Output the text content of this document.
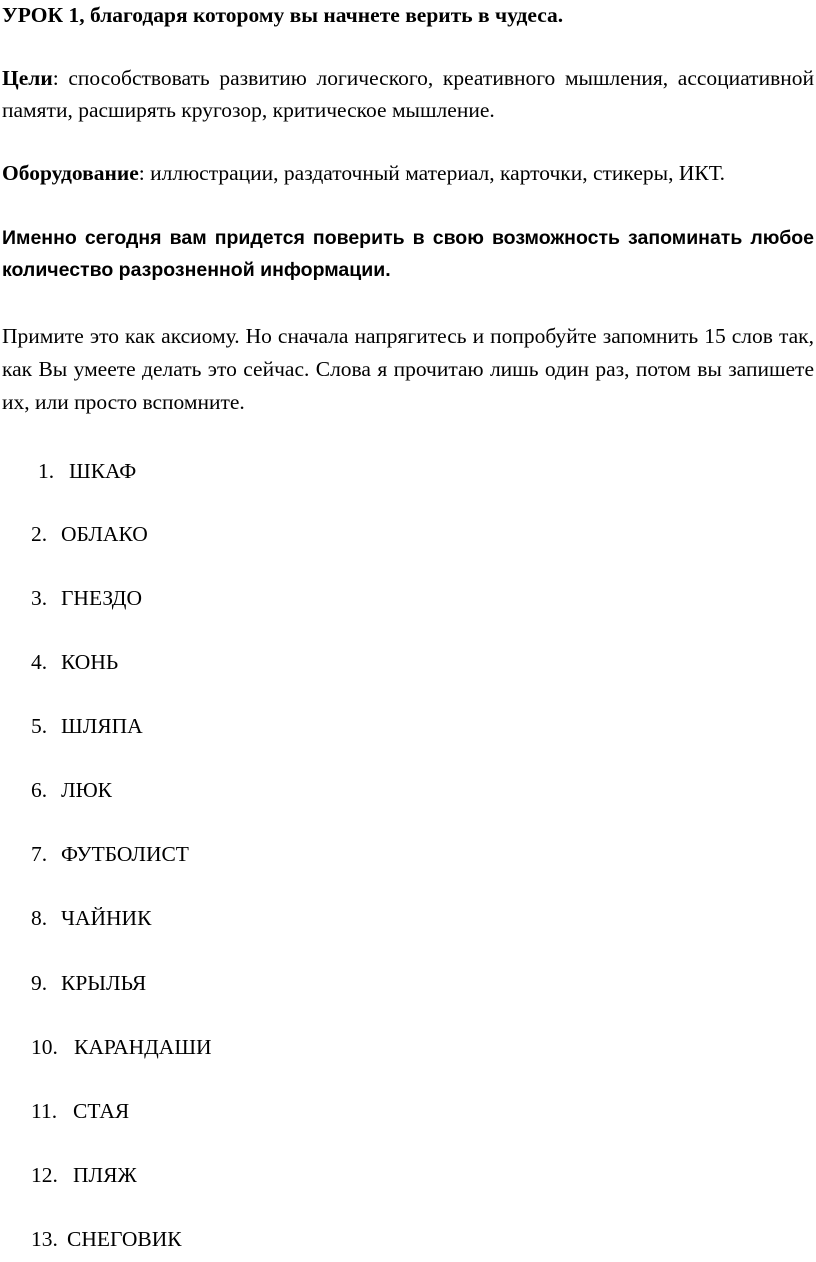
УРОК 1, благодаря которому вы начнете верить в чудеса.
Цели: способствовать развитию логического, креативного мышления, ассоциативной памяти, расширять кругозор, критическое мышление.
Оборудование: иллюстрации, раздаточный материал, карточки, стикеры, ИКТ.
Именно сегодня вам придется поверить в свою возможность запоминать любое количество разрозненной информации.
Примите это как аксиому. Но сначала напрягитесь и попробуйте запомнить 15 слов так, как Вы умеете делать это сейчас. Слова я прочитаю лишь один раз, потом вы запишете их, или просто вспомните.
1. ШКАФ
2. ОБЛАКО
3. ГНЕЗДО
4. КОНЬ
5. ШЛЯПА
6. ЛЮК
7. ФУТБОЛИСТ
8. ЧАЙНИК
9. КРЫЛЬЯ
10. КАРАНДАШИ
11. СТАЯ
12. ПЛЯЖ
13. СНЕГОВИК
